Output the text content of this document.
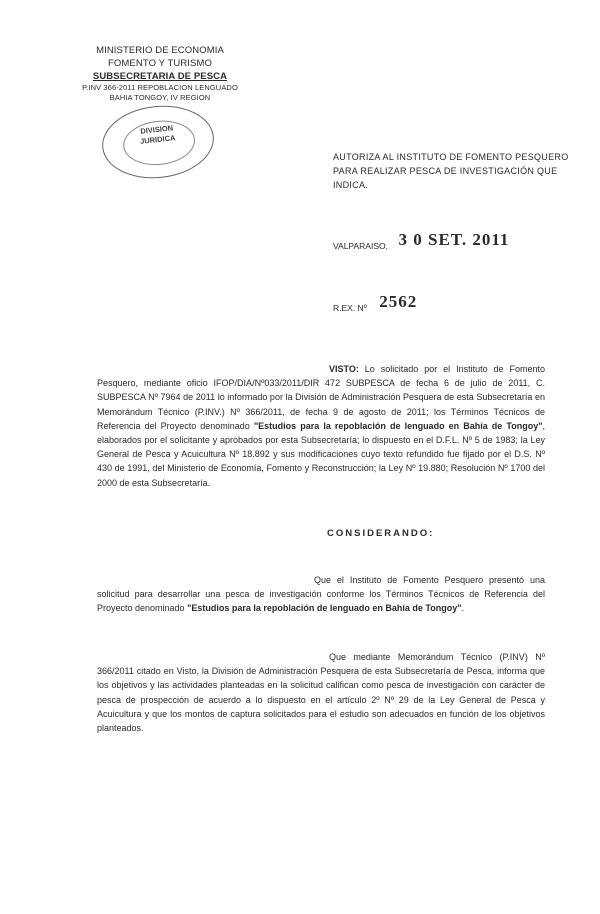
MINISTERIO DE ECONOMIA
FOMENTO Y TURISMO
SUBSECRETARIA DE PESCA
P.INV 366-2011 REPOBLACION LENGUADO
BAHIA TONGOY, IV REGION
DIVISION
JURIDICA
AUTORIZA AL INSTITUTO DE FOMENTO PESQUERO PARA REALIZAR PESCA DE INVESTIGACIÓN QUE INDICA.
VALPARAISO, 3 0 SET. 2011
R.EX. Nº 2562
VISTO: Lo solicitado por el Instituto de Fomento Pesquero, mediante oficio IFOP/DIA/Nº033/2011/DIR 472 SUBPESCA de fecha 6 de julio de 2011, C. SUBPESCA Nº 7964 de 2011 lo informado por la División de Administración Pesquera de esta Subsecretaría en Memorándum Técnico (P.INV.) Nº 366/2011, de fecha 9 de agosto de 2011; los Términos Técnicos de Referencia del Proyecto denominado "Estudios para la repoblación de lenguado en Bahía de Tongoy", elaborados por el solicitante y aprobados por esta Subsecretaría; lo dispuesto en el D.F.L. Nº 5 de 1983; la Ley General de Pesca y Acuicultura Nº 18.892 y sus modificaciones cuyo texto refundido fue fijado por el D.S. Nº 430 de 1991, del Ministerio de Economía, Fomento y Reconstrucción; la Ley Nº 19.880; Resolución Nº 1700 del 2000 de esta Subsecretaría.
CONSIDERANDO:
Que el Instituto de Fomento Pesquero presentó una solicitud para desarrollar una pesca de investigación conforme los Términos Técnicos de Referencia del Proyecto denominado "Estudios para la repoblación de lenguado en Bahía de Tongoy".
Que mediante Memorándum Técnico (P.INV) Nº 366/2011 citado en Visto, la División de Administración Pesquera de esta Subsecretaría de Pesca, informa que los objetivos y las actividades planteadas en la solicitud califican como pesca de investigación con carácter de pesca de prospección de acuerdo a lo dispuesto en el artículo 2º Nº 29 de la Ley General de Pesca y Acuicultura y que los montos de captura solicitados para el estudio son adecuados en función de los objetivos planteados.
